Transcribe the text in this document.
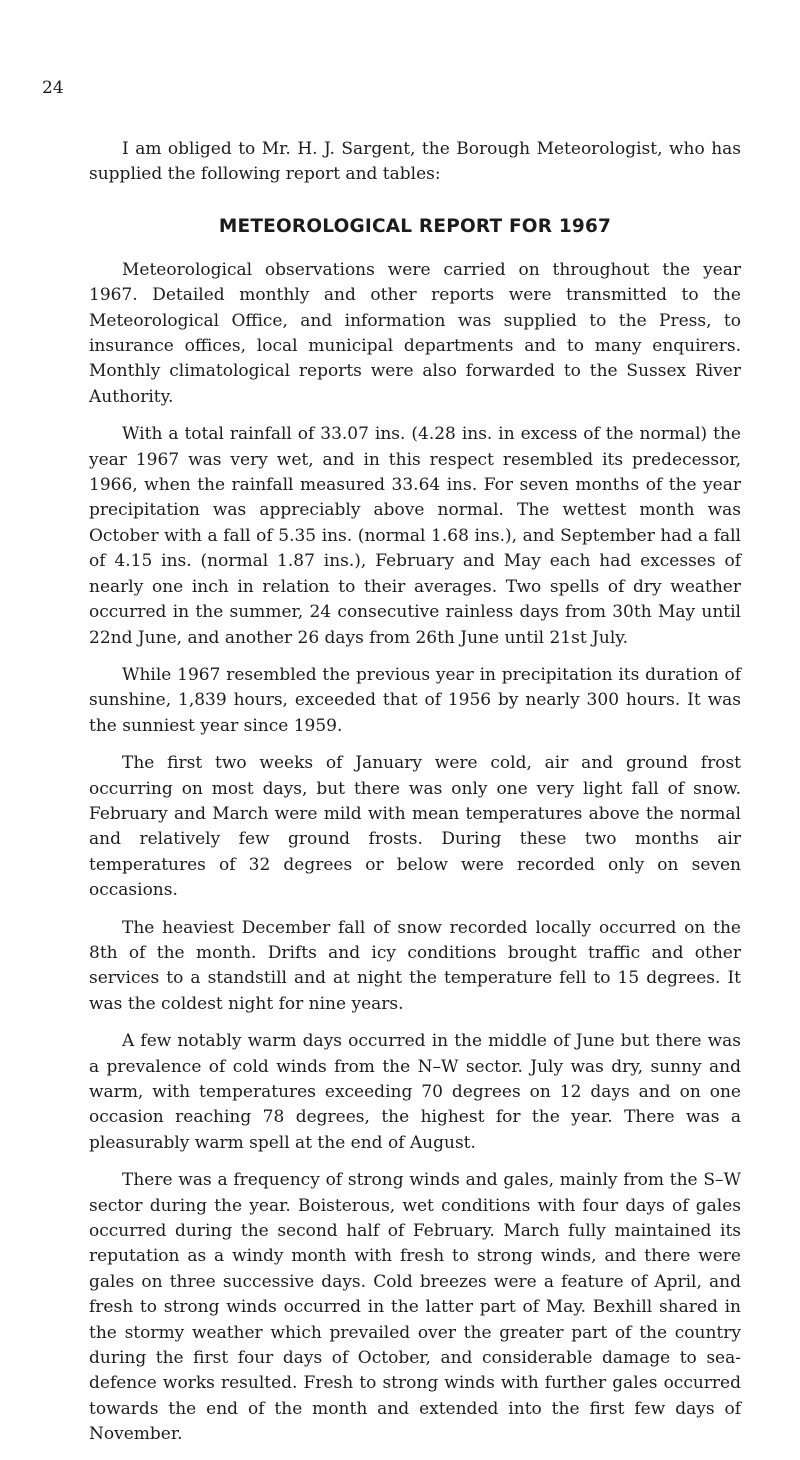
24

I am obliged to Mr. H. J. Sargent, the Borough Meteorologist, who has supplied the following report and tables:

METEOROLOGICAL REPORT FOR 1967

Meteorological observations were carried on throughout the year 1967. Detailed monthly and other reports were transmitted to the Meteorological Office, and information was supplied to the Press, to insurance offices, local municipal departments and to many enquirers. Monthly climatological reports were also forwarded to the Sussex River Authority.

With a total rainfall of 33.07 ins. (4.28 ins. in excess of the normal) the year 1967 was very wet, and in this respect resembled its predecessor, 1966, when the rainfall measured 33.64 ins. For seven months of the year precipitation was appreciably above normal. The wettest month was October with a fall of 5.35 ins. (normal 1.68 ins.), and September had a fall of 4.15 ins. (normal 1.87 ins.), February and May each had excesses of nearly one inch in relation to their averages. Two spells of dry weather occurred in the summer, 24 consecutive rainless days from 30th May until 22nd June, and another 26 days from 26th June until 21st July.

While 1967 resembled the previous year in precipitation its duration of sunshine, 1,839 hours, exceeded that of 1956 by nearly 300 hours. It was the sunniest year since 1959.

The first two weeks of January were cold, air and ground frost occurring on most days, but there was only one very light fall of snow. February and March were mild with mean temperatures above the normal and relatively few ground frosts. During these two months air temperatures of 32 degrees or below were recorded only on seven occasions.

The heaviest December fall of snow recorded locally occurred on the 8th of the month. Drifts and icy conditions brought traffic and other services to a standstill and at night the temperature fell to 15 degrees. It was the coldest night for nine years.

A few notably warm days occurred in the middle of June but there was a prevalence of cold winds from the N–W sector. July was dry, sunny and warm, with temperatures exceeding 70 degrees on 12 days and on one occasion reaching 78 degrees, the highest for the year. There was a pleasurably warm spell at the end of August.

There was a frequency of strong winds and gales, mainly from the S–W sector during the year. Boisterous, wet conditions with four days of gales occurred during the second half of February. March fully maintained its reputation as a windy month with fresh to strong winds, and there were gales on three successive days. Cold breezes were a feature of April, and fresh to strong winds occurred in the latter part of May. Bexhill shared in the stormy weather which prevailed over the greater part of the country during the first four days of October, and considerable damage to sea-defence works resulted. Fresh to strong winds with further gales occurred towards the end of the month and extended into the first few days of November.
